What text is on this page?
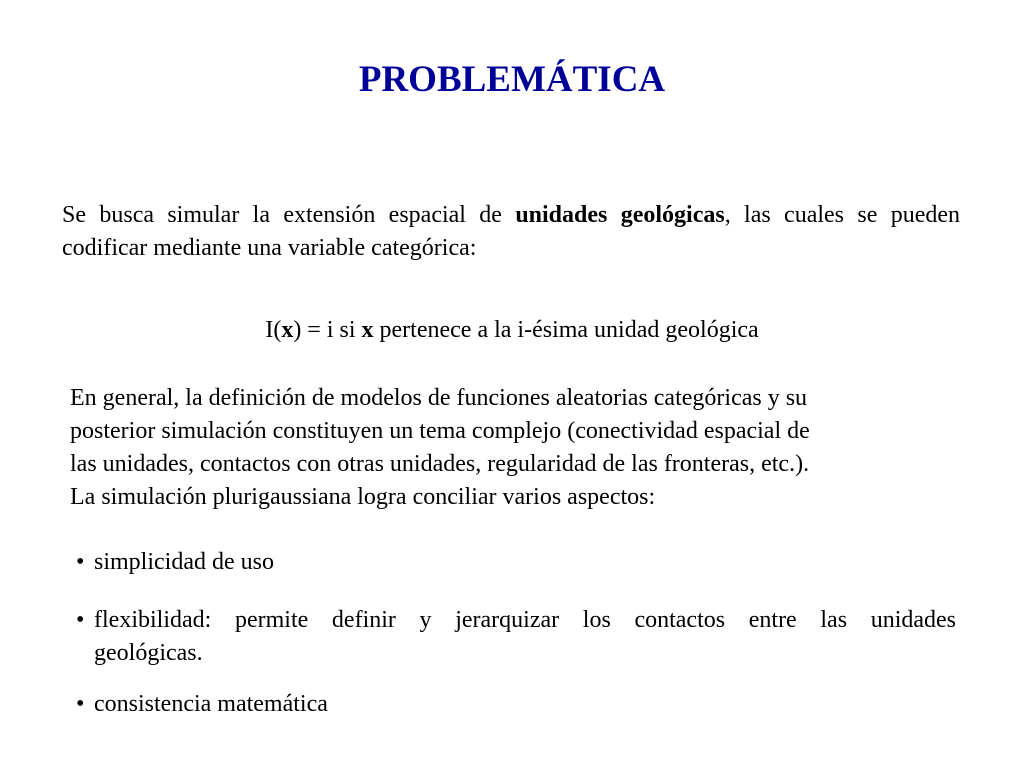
PROBLEMÁTICA

Se busca simular la extensión espacial de unidades geológicas, las cuales se pueden codificar mediante una variable categórica:

I(x) = i si x pertenece a la i-ésima unidad geológica

En general, la definición de modelos de funciones aleatorias categóricas y su
posterior simulación constituyen un tema complejo (conectividad espacial de
las unidades, contactos con otras unidades, regularidad de las fronteras, etc.).
La simulación plurigaussiana logra conciliar varios aspectos:

• simplicidad de uso

• flexibilidad: permite definir y jerarquizar los contactos entre las unidades
geológicas.

• consistencia matemática
